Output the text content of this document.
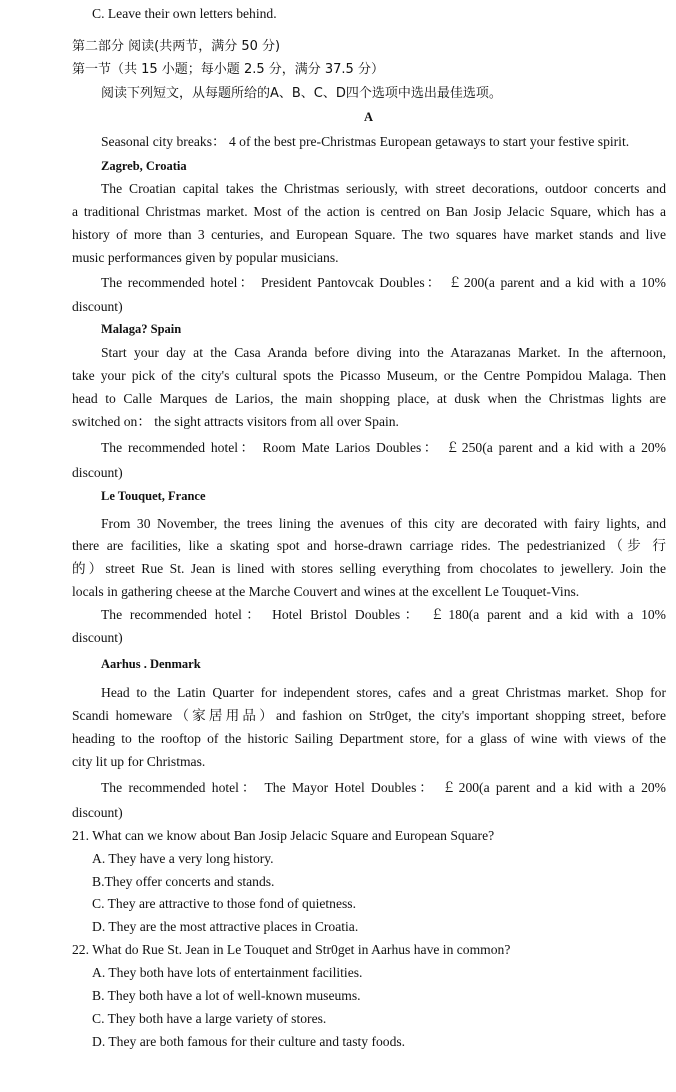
C. Leave their own letters behind.
第二部分 阅读(共两节，满分 50 分)
第一节（共 15 小题；每小题 2.5 分，满分 37.5 分）
阅读下列短文，从每题所给的A、B、C、D四个选项中选出最佳选项。
A
Seasonal city breaks： 4 of the best pre-Christmas European getaways to start your festive spirit.
Zagreb, Croatia
The Croatian capital takes the Christmas seriously, with street decorations, outdoor concerts and
a traditional Christmas market. Most of the action is centred on Ban Josip Jelacic Square, which has a
history of more than 3 centuries, and European Square. The two squares have market stands and live
music performances given by popular musicians.
The recommended hotel： President Pantovcak Doubles： ￡200(a parent and a kid with a 10%
discount)
Malaga? Spain
Start your day at the Casa Aranda before diving into the Atarazanas Market. In the afternoon,
take your pick of the city's cultural spots the Picasso Museum, or the Centre Pompidou Malaga. Then
head to Calle Marques de Larios, the main shopping place, at dusk when the Christmas lights are
switched on： the sight attracts visitors from all over Spain.
The recommended hotel： Room Mate Larios Doubles： ￡250(a parent and a kid with a 20%
discount)
Le Touquet, France
From 30 November, the trees lining the avenues of this city are decorated with fairy lights, and
there are facilities, like a skating spot and horse-drawn carriage rides. The pedestrianized（步 行
的）street Rue St. Jean is lined with stores selling everything from chocolates to jewellery. Join the
locals in gathering cheese at the Marche Couvert and wines at the excellent Le Touquet-Vins.
The recommended hotel： Hotel Bristol Doubles： ￡180(a parent and a kid with a 10%
discount)
Aarhus . Denmark
Head to the Latin Quarter for independent stores, cafes and a great Christmas market. Shop for
Scandi homeware（家居用品）and fashion on Str0get, the city's important shopping street, before
heading to the rooftop of the historic Sailing Department store, for a glass of wine with views of the
city lit up for Christmas.
The recommended hotel： The Mayor Hotel Doubles： ￡200(a parent and a kid with a 20%
discount)
21. What can we know about Ban Josip Jelacic Square and European Square?
A. They have a very long history.
B.They offer concerts and stands.
C. They are attractive to those fond of quietness.
D. They are the most attractive places in Croatia.
22. What do Rue St. Jean in Le Touquet and Str0get in Aarhus have in common?
A. They both have lots of entertainment facilities.
B. They both have a lot of well-known museums.
C. They both have a large variety of stores.
D. They are both famous for their culture and tasty foods.
